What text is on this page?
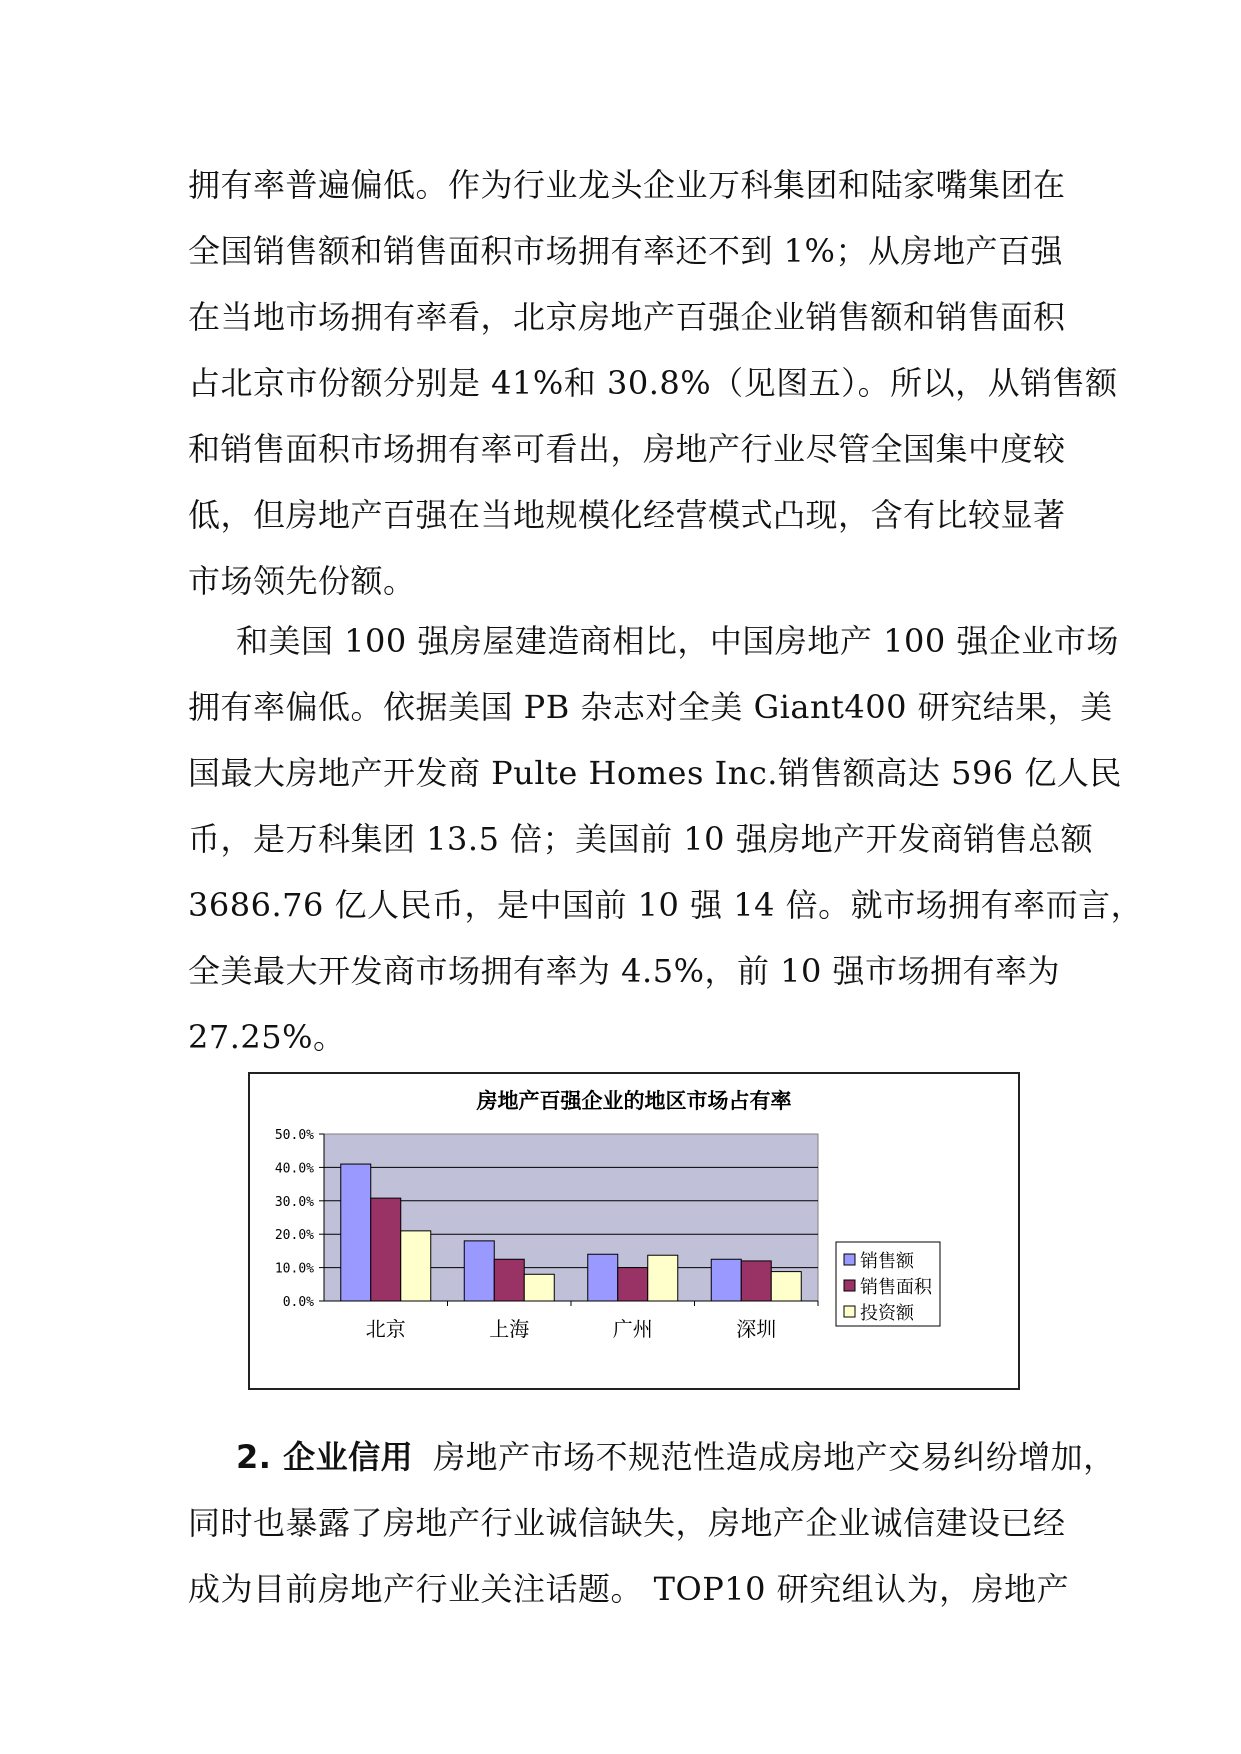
拥有率普遍偏低。作为行业龙头企业万科集团和陆家嘴集团在
全国销售额和销售面积市场拥有率还不到 1%；从房地产百强
在当地市场拥有率看，北京房地产百强企业销售额和销售面积
占北京市份额分别是 41%和 30.8%（见图五）。所以，从销售额
和销售面积市场拥有率可看出，房地产行业尽管全国集中度较
低，但房地产百强在当地规模化经营模式凸现，含有比较显著
市场领先份额。
和美国 100 强房屋建造商相比，中国房地产 100 强企业市场
拥有率偏低。依据美国 PB 杂志对全美 Giant400 研究结果，美
国最大房地产开发商 Pulte Homes Inc.销售额高达 596 亿人民
币，是万科集团 13.5 倍；美国前 10 强房地产开发商销售总额
3686.76 亿人民币，是中国前 10 强 14 倍。就市场拥有率而言，
全美最大开发商市场拥有率为 4.5%，前 10 强市场拥有率为
27.25%。
房地产百强企业的地区市场占有率
50.0%
40.0%
30.0%
20.0%
10.0%
0.0%
北京	上海	广州	深圳
销售额
销售面积
投资额
2. 企业信用 房地产市场不规范性造成房地产交易纠纷增加，
同时也暴露了房地产行业诚信缺失，房地产企业诚信建设已经
成为目前房地产行业关注话题。 TOP10 研究组认为，房地产
